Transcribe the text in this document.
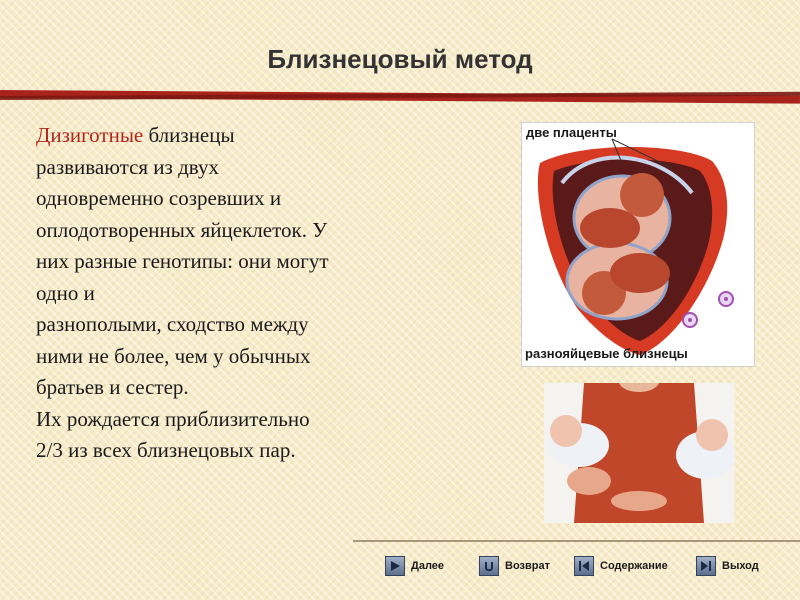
Близнецовый метод
Дизиготные близнецы
развиваются из двух
одновременно созревших и
оплодотворенных яйцеклеток. У
них разные генотипы: они могут
одно и
разнополыми, сходство между
ними не более, чем у обычных
братьев и сестер.
Их рождается приблизительно
2/3 из всех близнецовых пар.
две плаценты
разнояйцевые близнецы
Далее	Возврат	Содержание	Выход
